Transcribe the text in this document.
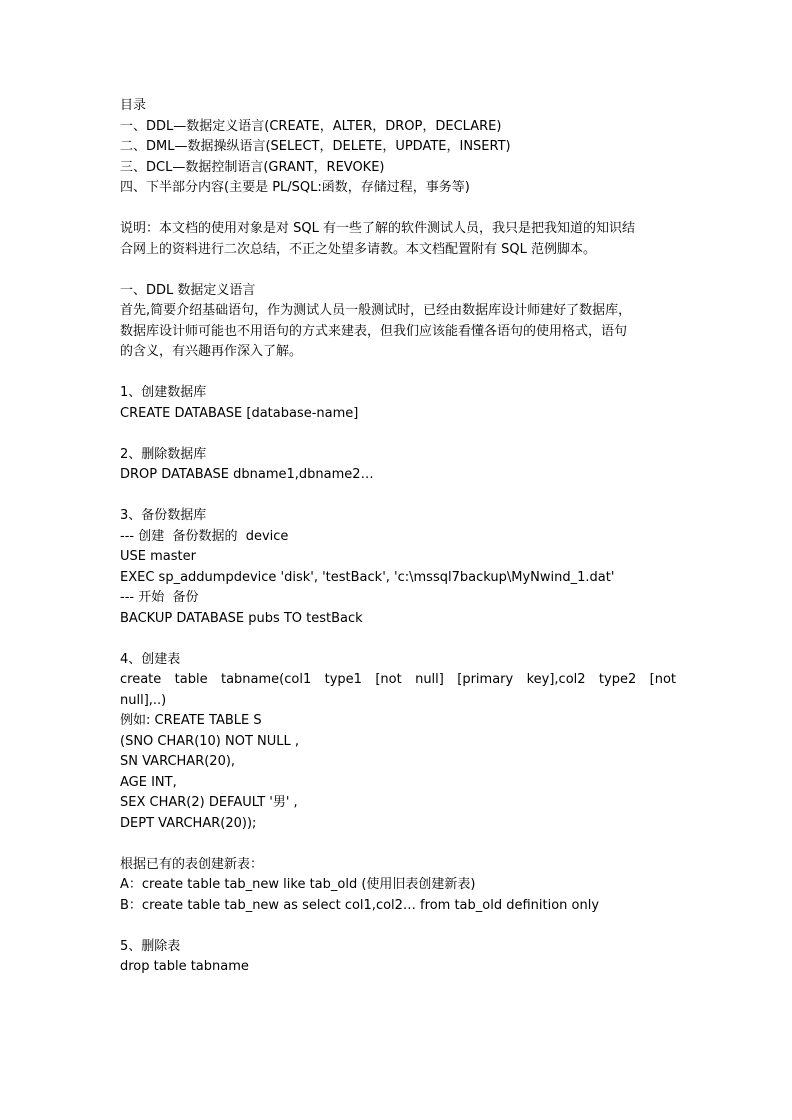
目录
一、DDL—数据定义语言(CREATE，ALTER，DROP，DECLARE)
二、DML—数据操纵语言(SELECT，DELETE，UPDATE，INSERT)
三、DCL—数据控制语言(GRANT，REVOKE)
四、下半部分内容(主要是 PL/SQL:函数，存储过程，事务等)
说明：本文档的使用对象是对 SQL 有一些了解的软件测试人员，我只是把我知道的知识结
合网上的资料进行二次总结，不正之处望多请教。本文档配置附有 SQL 范例脚本。
一、DDL 数据定义语言
首先,简要介绍基础语句，作为测试人员一般测试时，已经由数据库设计师建好了数据库，
数据库设计师可能也不用语句的方式来建表，但我们应该能看懂各语句的使用格式，语句
的含义，有兴趣再作深入了解。
1、创建数据库
CREATE DATABASE [database-name]
2、删除数据库
DROP DATABASE dbname1,dbname2…
3、备份数据库
--- 创建  备份数据的  device
USE master
EXEC sp_addumpdevice 'disk', 'testBack', 'c:\mssql7backup\MyNwind_1.dat'
--- 开始  备份
BACKUP DATABASE pubs TO testBack
4、创建表
create table tabname(col1 type1 [not null] [primary key],col2 type2 [not
null],..)
例如: CREATE TABLE S
(SNO CHAR(10) NOT NULL ,
SN VARCHAR(20),
AGE INT,
SEX CHAR(2) DEFAULT '男' ,
DEPT VARCHAR(20));
根据已有的表创建新表：
A：create table tab_new like tab_old (使用旧表创建新表)
B：create table tab_new as select col1,col2… from tab_old definition only
5、删除表
drop table tabname
